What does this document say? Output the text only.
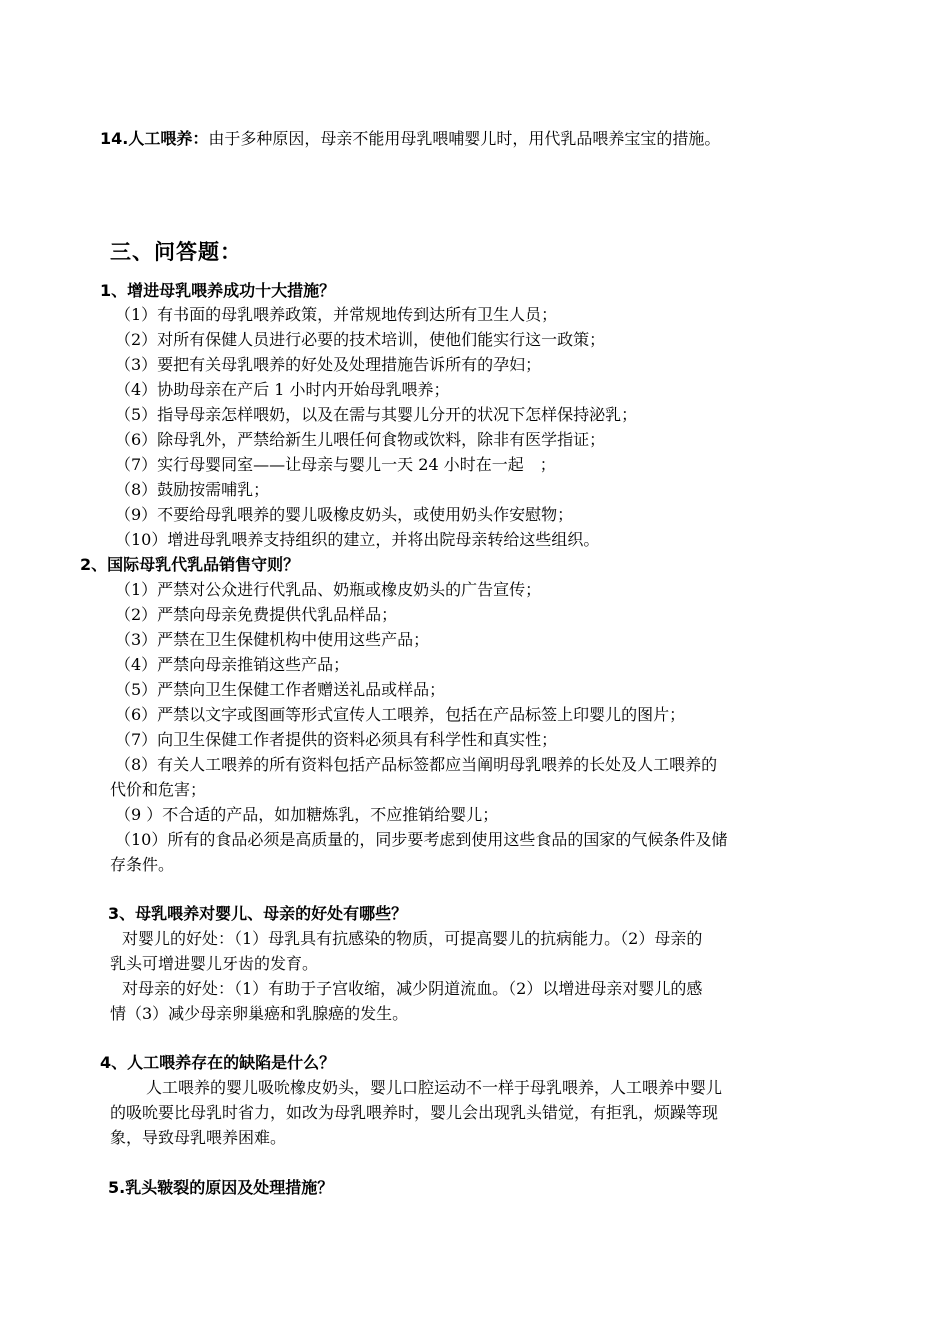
14.人工喂养：由于多种原因，母亲不能用母乳喂哺婴儿时，用代乳品喂养宝宝的措施。
三、问答题：
1、增进母乳喂养成功十大措施？
（1）有书面的母乳喂养政策，并常规地传到达所有卫生人员；
（2）对所有保健人员进行必要的技术培训，使他们能实行这一政策；
（3）要把有关母乳喂养的好处及处理措施告诉所有的孕妇；
（4）协助母亲在产后 1 小时内开始母乳喂养；
（5）指导母亲怎样喂奶，以及在需与其婴儿分开的状况下怎样保持泌乳；
（6）除母乳外，严禁给新生儿喂任何食物或饮料，除非有医学指证；
（7）实行母婴同室——让母亲与婴儿一天 24 小时在一起　；
（8）鼓励按需哺乳；
（9）不要给母乳喂养的婴儿吸橡皮奶头，或使用奶头作安慰物；
（10）增进母乳喂养支持组织的建立，并将出院母亲转给这些组织。
2、国际母乳代乳品销售守则？
（1）严禁对公众进行代乳品、奶瓶或橡皮奶头的广告宣传；
（2）严禁向母亲免费提供代乳品样品；
（3）严禁在卫生保健机构中使用这些产品；
（4）严禁向母亲推销这些产品；
（5）严禁向卫生保健工作者赠送礼品或样品；
（6）严禁以文字或图画等形式宣传人工喂养，包括在产品标签上印婴儿的图片；
（7）向卫生保健工作者提供的资料必须具有科学性和真实性；
（8）有关人工喂养的所有资料包括产品标签都应当阐明母乳喂养的长处及人工喂养的
代价和危害；
（9 ）不合适的产品，如加糖炼乳，不应推销给婴儿；
（10）所有的食品必须是高质量的，同步要考虑到使用这些食品的国家的气候条件及储
存条件。
3、母乳喂养对婴儿、母亲的好处有哪些？
对婴儿的好处：（1）母乳具有抗感染的物质，可提高婴儿的抗病能力。（2）母亲的
乳头可增进婴儿牙齿的发育。
对母亲的好处：（1）有助于子宫收缩，减少阴道流血。（2）以增进母亲对婴儿的感
情（3）减少母亲卵巢癌和乳腺癌的发生。
4、人工喂养存在的缺陷是什么？
人工喂养的婴儿吸吮橡皮奶头，婴儿口腔运动不一样于母乳喂养，人工喂养中婴儿
的吸吮要比母乳时省力，如改为母乳喂养时，婴儿会出现乳头错觉，有拒乳，烦躁等现
象，导致母乳喂养困难。
5.乳头皲裂的原因及处理措施？
